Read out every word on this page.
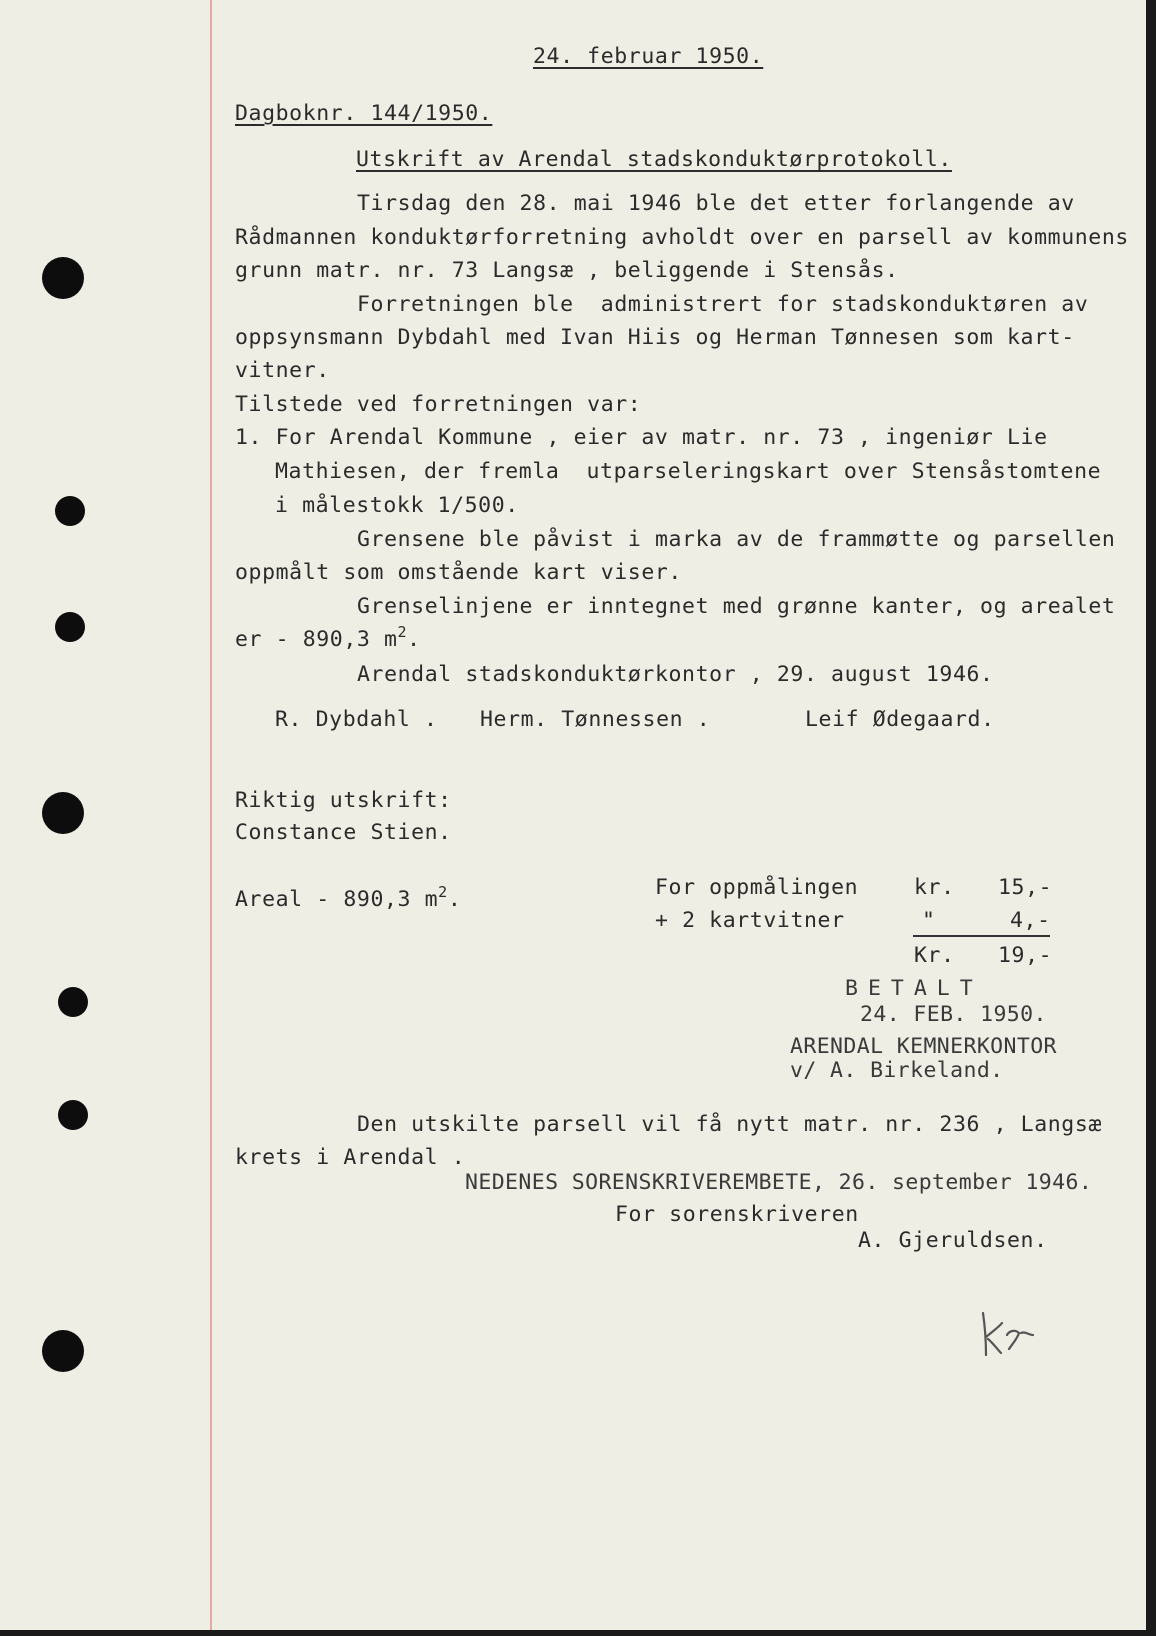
24. februar 1950.

Dagboknr. 144/1950.

Utskrift av Arendal stadskonduktørprotokoll.

Tirsdag den 28. mai 1946 ble det etter forlangende av

Rådmannen konduktørforretning avholdt over en parsell av kommunens

grunn matr. nr. 73 Langsæ , beliggende i Stensås.

Forretningen ble  administrert for stadskonduktøren av

oppsynsmann Dybdahl med Ivan Hiis og Herman Tønnesen som kart-

vitner.

Tilstede ved forretningen var:

1. For Arendal Kommune , eier av matr. nr. 73 , ingeniør Lie

Mathiesen, der fremla  utparseleringskart over Stensåstomtene

i målestokk 1/500.

Grensene ble påvist i marka av de frammøtte og parsellen

oppmålt som omstående kart viser.

Grenselinjene er inntegnet med grønne kanter, og arealet

er - 890,3 $m^2$.

Arendal stadskonduktørkontor , 29. august 1946.

R. Dybdahl . Herm. Tønnessen .	Leif Ødegaard.

Riktig utskrift:

Constance Stien.

Areal - 890,3 $m^2$.	For oppmålingen	kr. 15,-

+ 2 kartvitner	"	4,-

Kr. 19,-

BETALT

24. FEB. 1950.

ARENDAL KEMNERKONTOR

v/ A. Birkeland.

Den utskilte parsell vil få nytt matr. nr. 236 , Langsæ

krets i Arendal .

NEDENES SORENSKRIVEREMBETE, 26. september 1946.

For sorenskriveren

A. Gjeruldsen.
